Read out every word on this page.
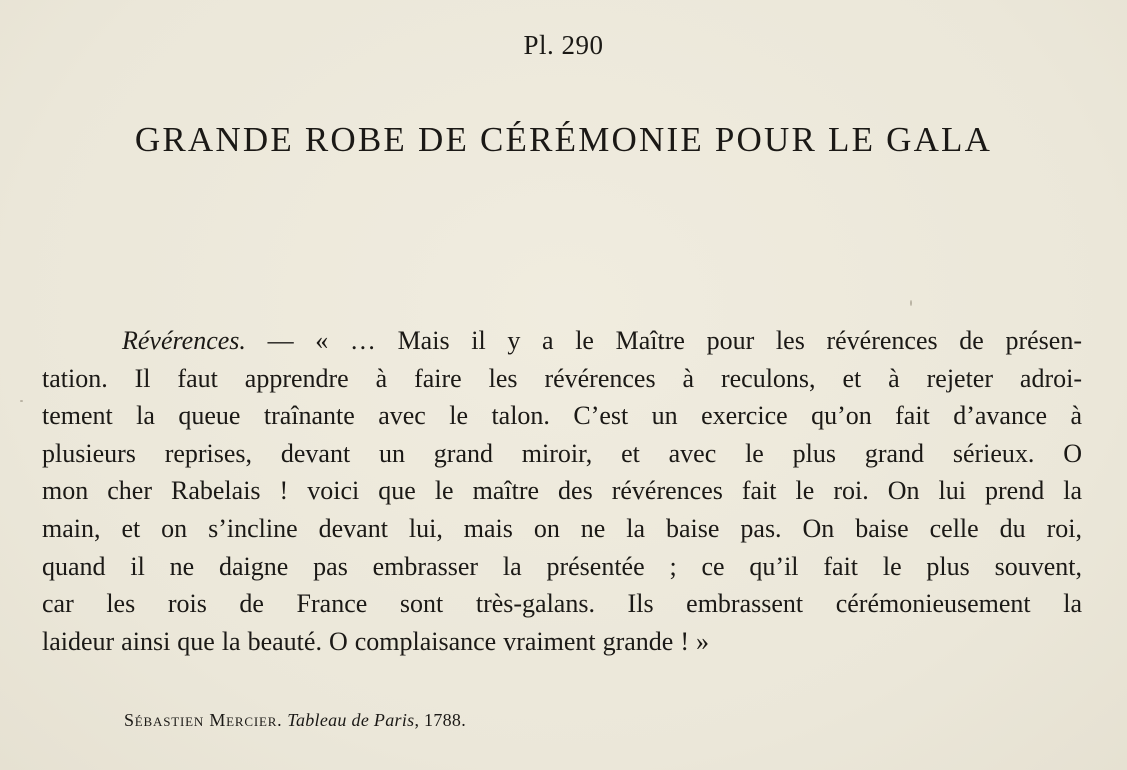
Pl. 290
GRANDE ROBE DE CÉRÉMONIE POUR LE GALA
Révérences. — « … Mais il y a le Maître pour les révérences de présen-
tation. Il faut apprendre à faire les révérences à reculons, et à rejeter adroi-
tement la queue traînante avec le talon. C’est un exercice qu’on fait d’avance à
plusieurs reprises, devant un grand miroir, et avec le plus grand sérieux. O
mon cher Rabelais ! voici que le maître des révérences fait le roi. On lui prend la
main, et on s’incline devant lui, mais on ne la baise pas. On baise celle du roi,
quand il ne daigne pas embrasser la présentée ; ce qu’il fait le plus souvent,
car les rois de France sont très-galans. Ils embrassent cérémonieusement la
laideur ainsi que la beauté. O complaisance vraiment grande ! »
Sébastien Mercier. Tableau de Paris, 1788.
